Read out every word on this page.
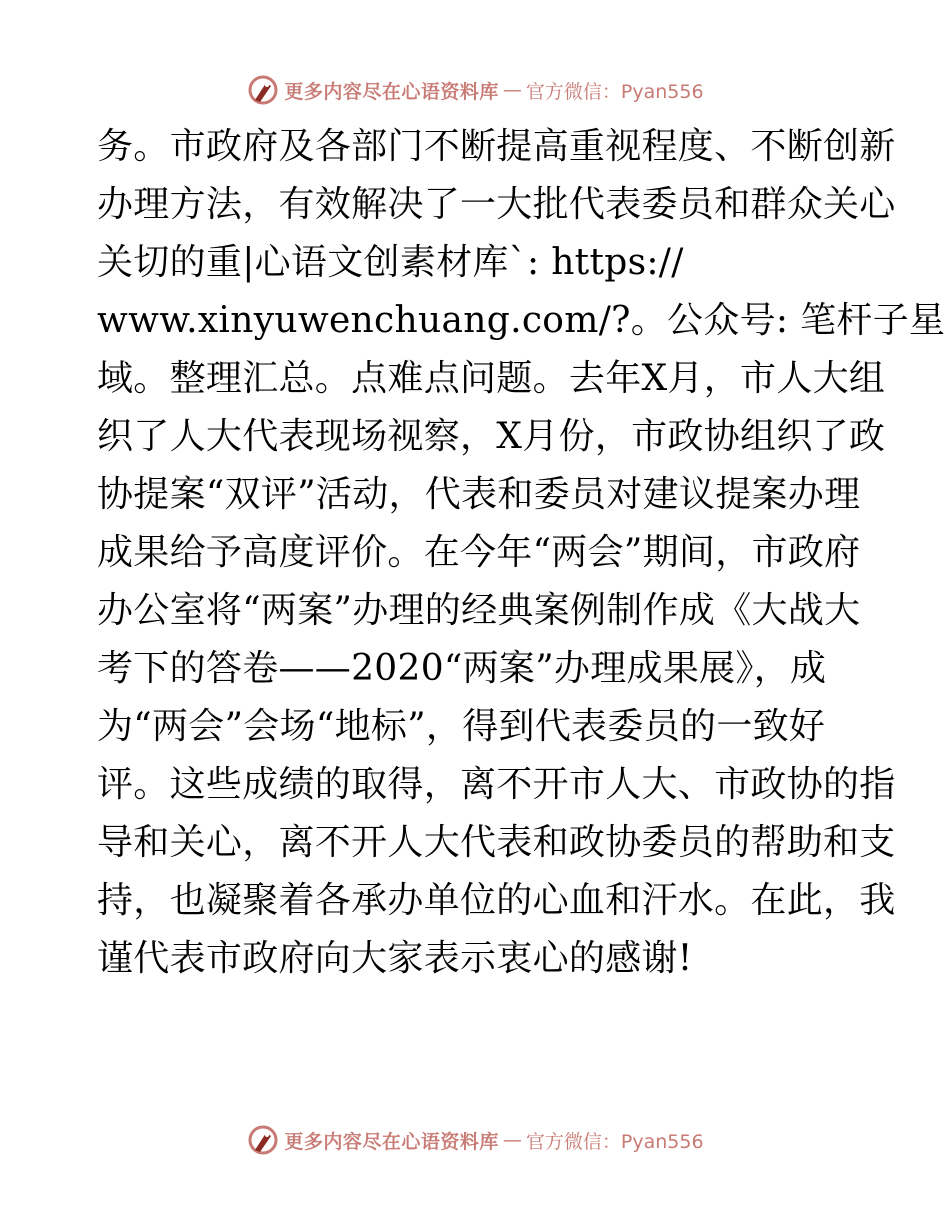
更多内容尽在心语资料库 — 官方微信：Pyan556
务。市政府及各部门不断提高重视程度、不断创新
办理方法，有效解决了一大批代表委员和群众关心
关切的重|心语文创素材库`: https://
www.xinyuwenchuang.com/?。公众号: 笔杆子星
域。整理汇总。点难点问题。去年X月，市人大组
织了人大代表现场视察，X月份，市政协组织了政
协提案“双评”活动，代表和委员对建议提案办理
成果给予高度评价。在今年“两会”期间，市政府
办公室将“两案”办理的经典案例制作成《大战大
考下的答卷——2020“两案”办理成果展》，成
为“两会”会场“地标”，得到代表委员的一致好
评。这些成绩的取得，离不开市人大、市政协的指
导和关心，离不开人大代表和政协委员的帮助和支
持，也凝聚着各承办单位的心血和汗水。在此，我
谨代表市政府向大家表示衷心的感谢!
更多内容尽在心语资料库 — 官方微信：Pyan556
